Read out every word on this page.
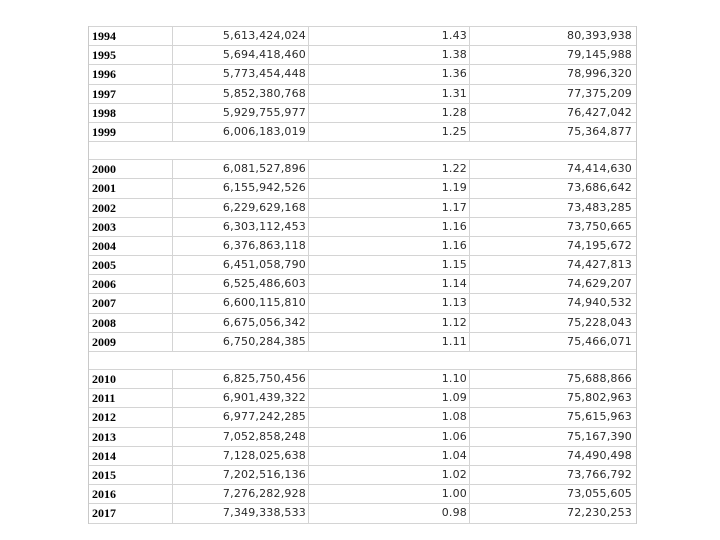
1994	5,613,424,024	1.43	80,393,938
1995	5,694,418,460	1.38	79,145,988
1996	5,773,454,448	1.36	78,996,320
1997	5,852,380,768	1.31	77,375,209
1998	5,929,755,977	1.28	76,427,042
1999	6,006,183,019	1.25	75,364,877
2000	6,081,527,896	1.22	74,414,630
2001	6,155,942,526	1.19	73,686,642
2002	6,229,629,168	1.17	73,483,285
2003	6,303,112,453	1.16	73,750,665
2004	6,376,863,118	1.16	74,195,672
2005	6,451,058,790	1.15	74,427,813
2006	6,525,486,603	1.14	74,629,207
2007	6,600,115,810	1.13	74,940,532
2008	6,675,056,342	1.12	75,228,043
2009	6,750,284,385	1.11	75,466,071
2010	6,825,750,456	1.10	75,688,866
2011	6,901,439,322	1.09	75,802,963
2012	6,977,242,285	1.08	75,615,963
2013	7,052,858,248	1.06	75,167,390
2014	7,128,025,638	1.04	74,490,498
2015	7,202,516,136	1.02	73,766,792
2016	7,276,282,928	1.00	73,055,605
2017	7,349,338,533	0.98	72,230,253
